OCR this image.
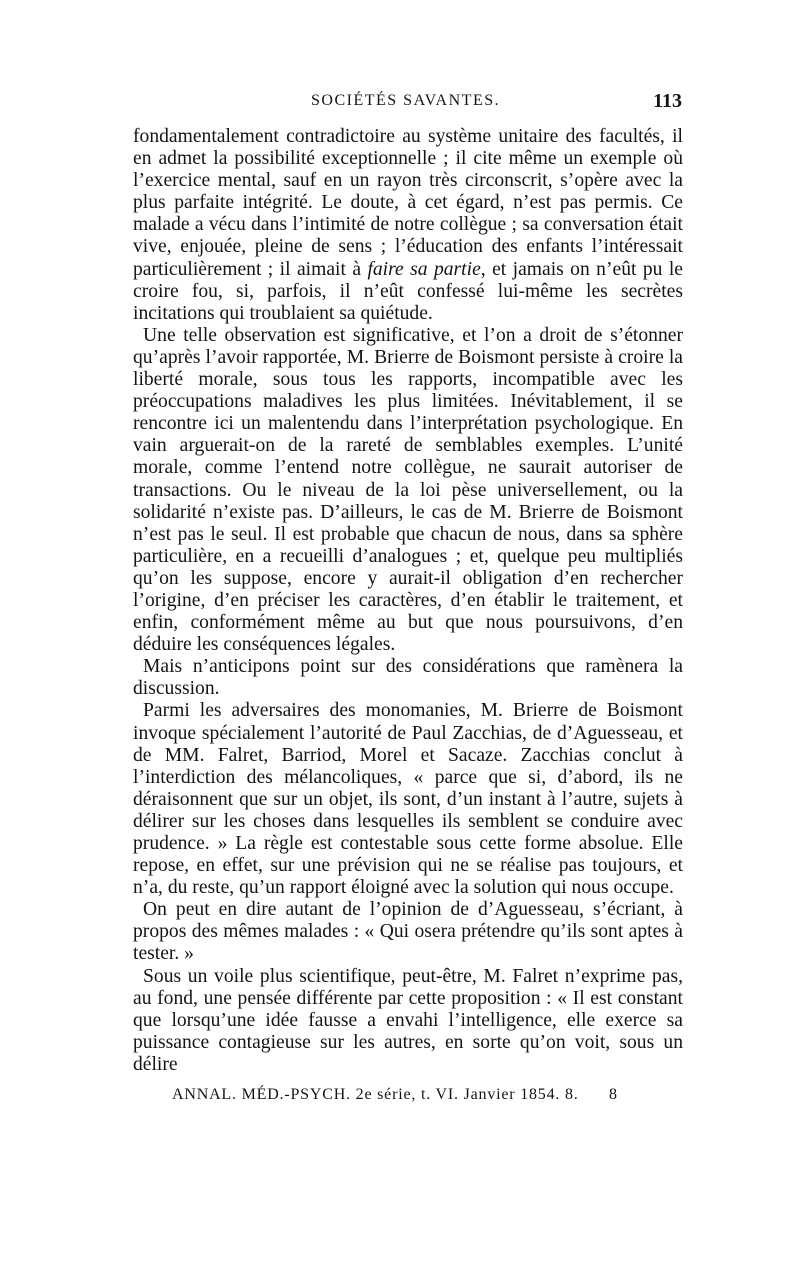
SOCIÉTÉS SAVANTES.	113

fondamentalement contradictoire au système unitaire des facultés, il en admet la possibilité exceptionnelle ; il cite même un exemple où l’exercice mental, sauf en un rayon très circonscrit, s’opère avec la plus parfaite intégrité. Le doute, à cet égard, n’est pas permis. Ce malade a vécu dans l’intimité de notre collègue ; sa conversation était vive, enjouée, pleine de sens ; l’éducation des enfants l’intéressait particulièrement ; il aimait à faire sa partie, et jamais on n’eût pu le croire fou, si, parfois, il n’eût confessé lui-même les secrètes incitations qui troublaient sa quiétude.

Une telle observation est significative, et l’on a droit de s’étonner qu’après l’avoir rapportée, M. Brierre de Boismont persiste à croire la liberté morale, sous tous les rapports, incompatible avec les préoccupations maladives les plus limitées. Inévitablement, il se rencontre ici un malentendu dans l’interprétation psychologique. En vain arguerait-on de la rareté de semblables exemples. L’unité morale, comme l’entend notre collègue, ne saurait autoriser de transactions. Ou le niveau de la loi pèse universellement, ou la solidarité n’existe pas. D’ailleurs, le cas de M. Brierre de Boismont n’est pas le seul. Il est probable que chacun de nous, dans sa sphère particulière, en a recueilli d’analogues ; et, quelque peu multipliés qu’on les suppose, encore y aurait-il obligation d’en rechercher l’origine, d’en préciser les caractères, d’en établir le traitement, et enfin, conformément même au but que nous poursuivons, d’en déduire les conséquences légales.

Mais n’anticipons point sur des considérations que ramènera la discussion.

Parmi les adversaires des monomanies, M. Brierre de Boismont invoque spécialement l’autorité de Paul Zacchias, de d’Aguesseau, et de MM. Falret, Barriod, Morel et Sacaze. Zacchias conclut à l’interdiction des mélancoliques, « parce que si, d’abord, ils ne déraisonnent que sur un objet, ils sont, d’un instant à l’autre, sujets à délirer sur les choses dans lesquelles ils semblent se conduire avec prudence. » La règle est contestable sous cette forme absolue. Elle repose, en effet, sur une prévision qui ne se réalise pas toujours, et n’a, du reste, qu’un rapport éloigné avec la solution qui nous occupe.

On peut en dire autant de l’opinion de d’Aguesseau, s’écriant, à propos des mêmes malades : « Qui osera prétendre qu’ils sont aptes à tester. »

Sous un voile plus scientifique, peut-être, M. Falret n’exprime pas, au fond, une pensée différente par cette proposition : « Il est constant que lorsqu’une idée fausse a envahi l’intelligence, elle exerce sa puissance contagieuse sur les autres, en sorte qu’on voit, sous un délire

ANNAL. MÉD.-PSYCH. 2e série, t. VI. Janvier 1854. 8. 8
